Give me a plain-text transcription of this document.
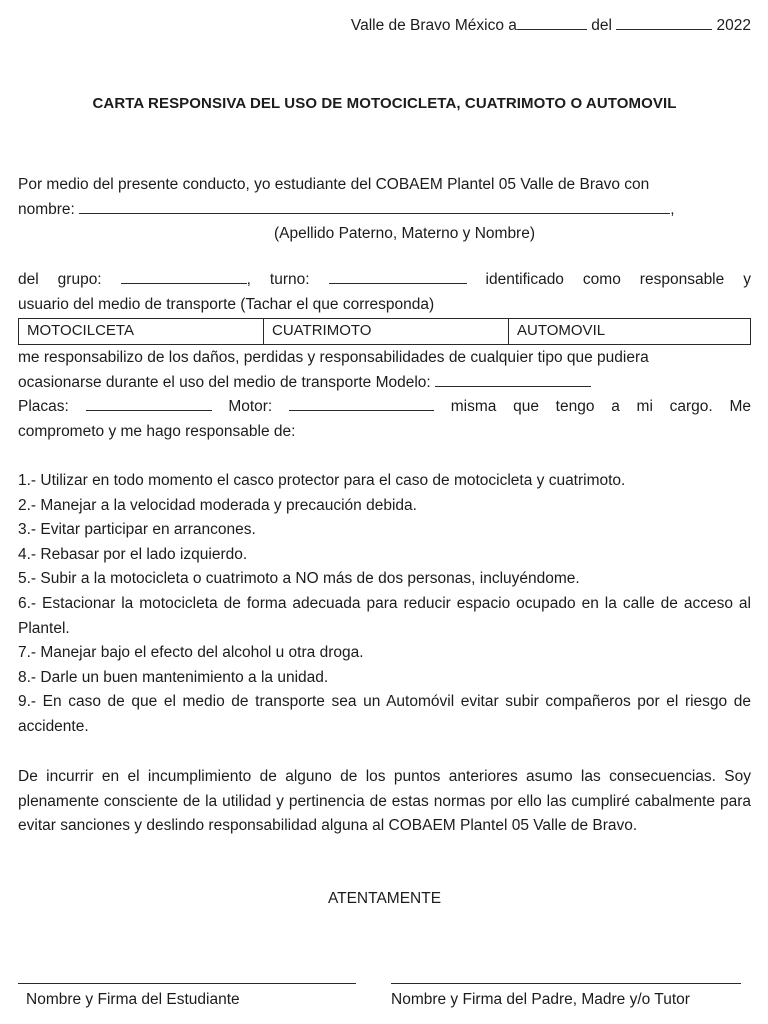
Valle de Bravo México a	del	2022
CARTA RESPONSIVA DEL USO DE MOTOCICLETA, CUATRIMOTO O AUTOMOVIL

Por medio del presente conducto, yo estudiante del COBAEM Plantel 05 Valle de Bravo con

nombre:	,

(Apellido Paterno, Materno y Nombre)

del grupo:	, turno:	identificado como responsable y

usuario del medio de transporte (Tachar el que corresponda)

MOTOCILCETA	CUATRIMOTO	AUTOMOVIL

me responsabilizo de los daños, perdidas y responsabilidades de cualquier tipo que pudiera

ocasionarse durante el uso del medio de transporte Modelo:

Placas:	Motor:	misma que tengo a mi cargo. Me

comprometo y me hago responsable de:

1.- Utilizar en todo momento el casco protector para el caso de motocicleta y cuatrimoto.
2.- Manejar a la velocidad moderada y precaución debida.
3.- Evitar participar en arrancones.
4.- Rebasar por el lado izquierdo.
5.- Subir a la motocicleta o cuatrimoto a NO más de dos personas, incluyéndome.
6.- Estacionar la motocicleta de forma adecuada para reducir espacio ocupado en la calle de acceso al Plantel.
7.- Manejar bajo el efecto del alcohol u otra droga.
8.- Darle un buen mantenimiento a la unidad.
9.- En caso de que el medio de transporte sea un Automóvil evitar subir compañeros por el riesgo de accidente.

De incurrir en el incumplimiento de alguno de los puntos anteriores asumo las consecuencias. Soy plenamente consciente de la utilidad y pertinencia de estas normas por ello las cumpliré cabalmente para evitar sanciones y deslindo responsabilidad alguna al COBAEM Plantel 05 Valle de Bravo.

ATENTAMENTE
Nombre y Firma del Estudiante	Nombre y Firma del Padre, Madre y/o Tutor
